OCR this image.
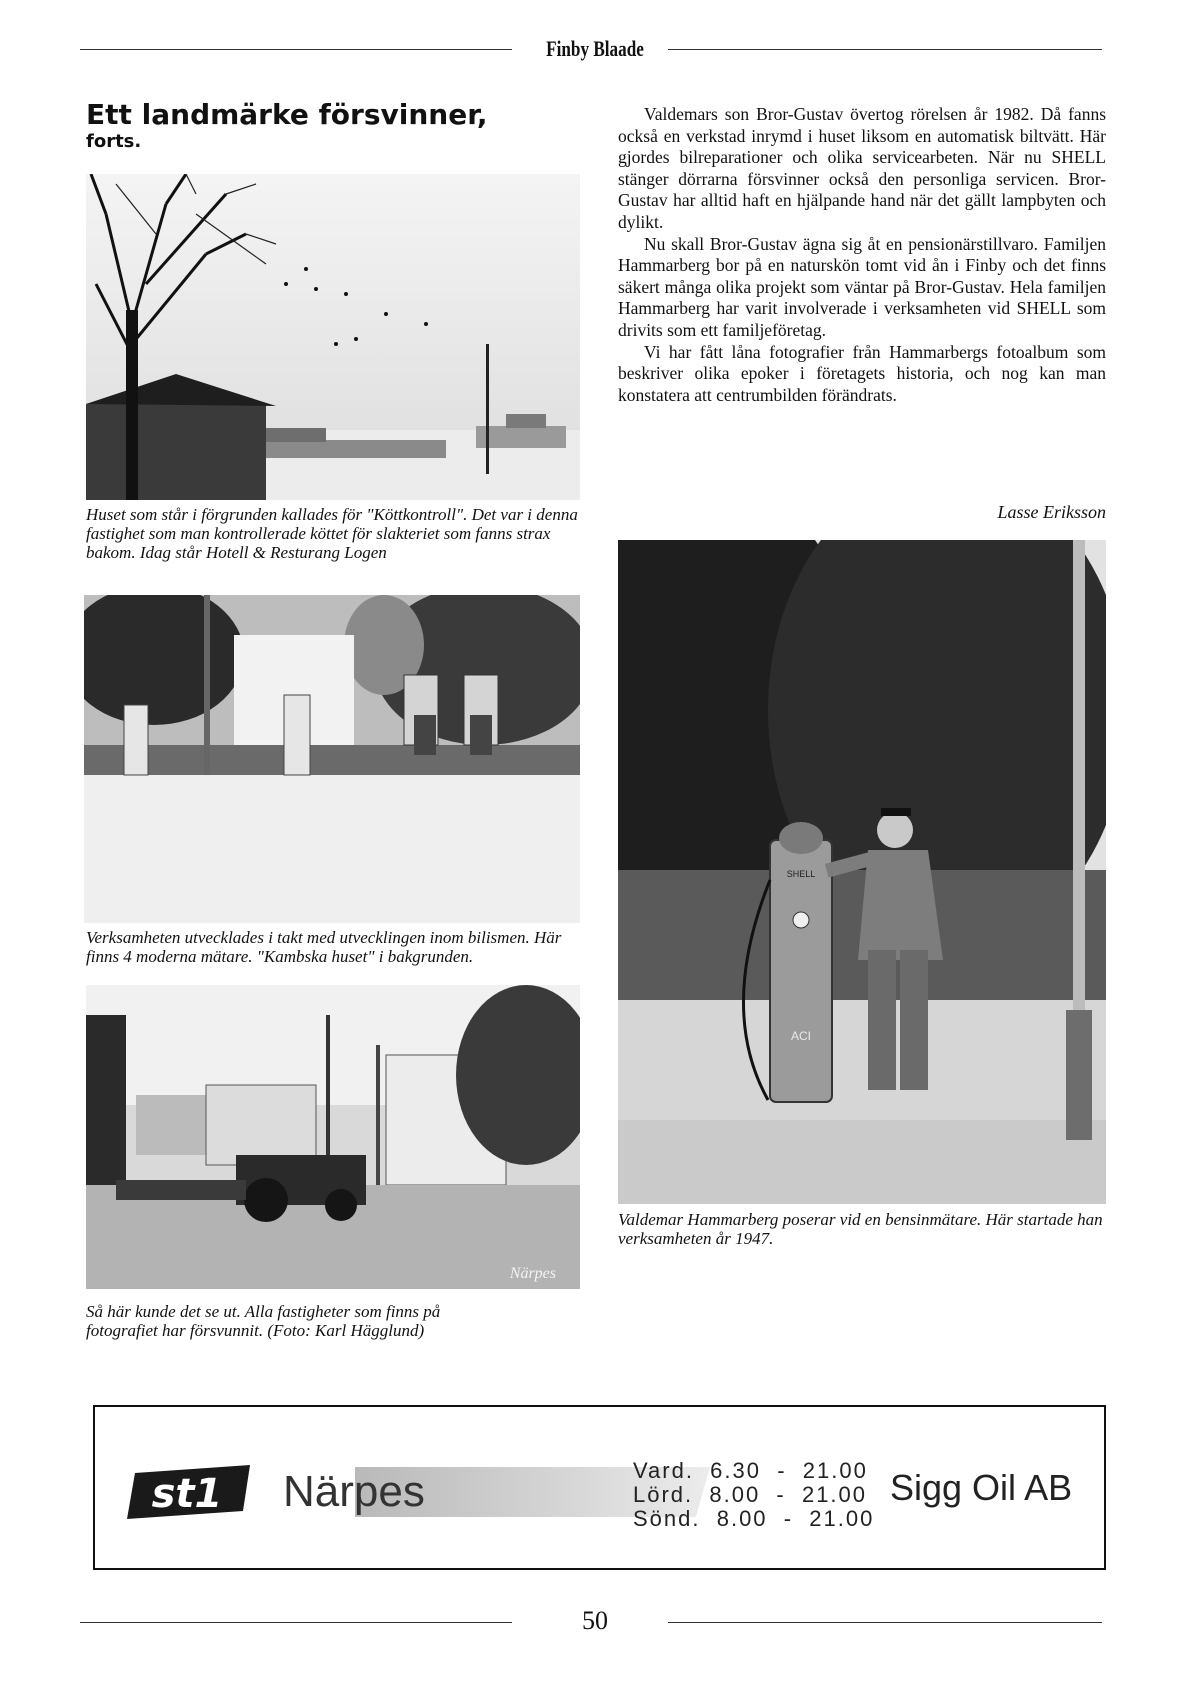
Finby Blaade
Ett landmärke försvinner,
forts.
Huset som står i förgrunden kallades för "Köttkontroll". Det var i denna fastighet som man kontrollerade köttet för slakteriet som fanns strax bakom. Idag står Hotell & Resturang Logen
Verksamheten utvecklades i takt med utvecklingen inom bilismen. Här finns 4 moderna mätare. "Kambska huset" i bakgrunden.
Närpes
Så här kunde det se ut. Alla fastigheter som finns på fotografiet har försvunnit. (Foto: Karl Hägglund)
SHELL
ACI
Valdemar Hammarberg poserar vid en bensinmätare. Här startade han verksamheten år 1947.

Valdemars son Bror-Gustav övertog rörelsen år 1982. Då fanns också en verkstad inrymd i huset liksom en automatisk biltvätt. Här gjordes bilreparationer och olika servicearbeten. När nu SHELL stänger dörrarna försvinner också den personliga servicen. Bror-Gustav har alltid haft en hjälpande hand när det gällt lampbyten och dylikt.

Nu skall Bror-Gustav ägna sig åt en pensionärstillvaro. Familjen Hammarberg bor på en naturskön tomt vid ån i Finby och det finns säkert många olika projekt som väntar på Bror-Gustav. Hela familjen Hammarberg har varit involverade i verksamheten vid SHELL som drivits som ett familjeföretag.

Vi har fått låna fotografier från Hammarbergs fotoalbum som beskriver olika epoker i företagets historia, och nog kan man konstatera att centrumbilden förändrats.

Lasse Eriksson
st1 Närpes	Vard.  6.30  -  21.00
Lörd.  8.00  -  21.00
Sönd.  8.00  -  21.00
Sigg Oil AB
50
